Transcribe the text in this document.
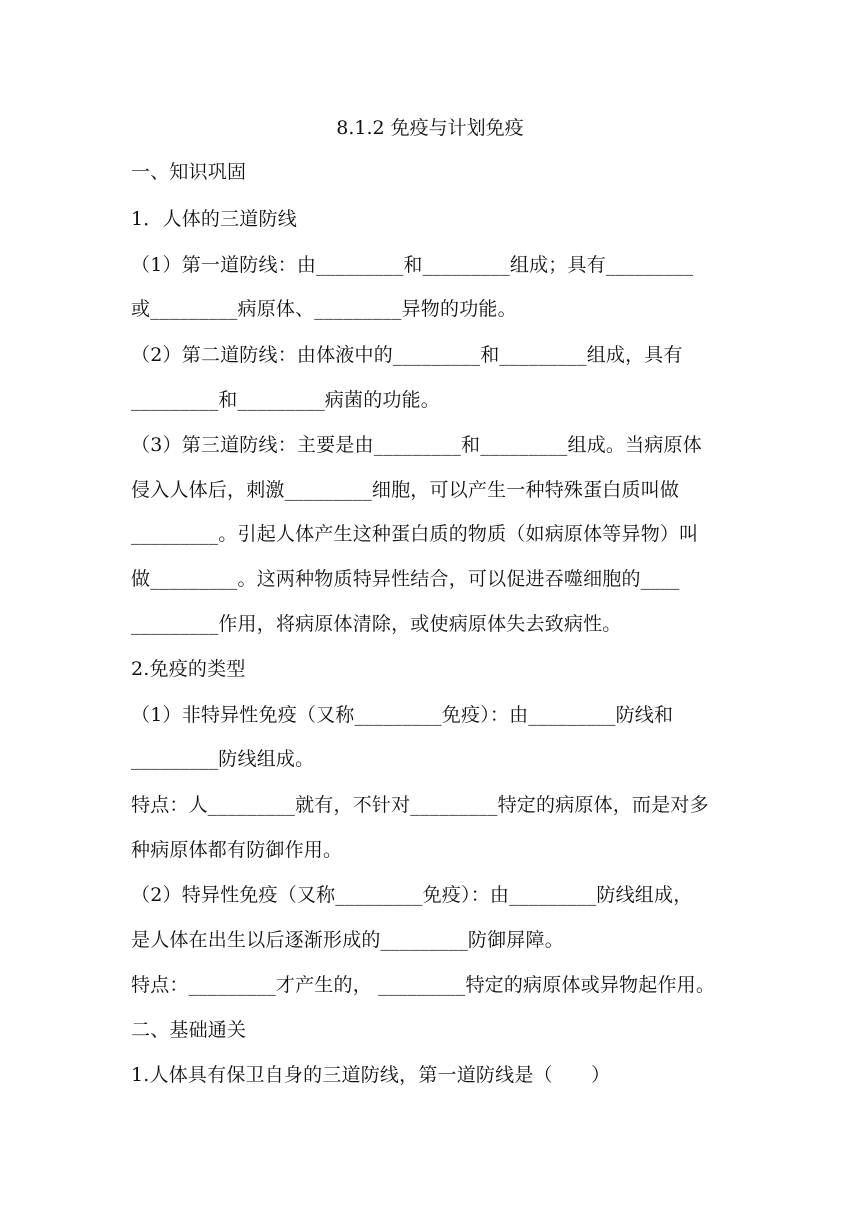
8.1.2 免疫与计划免疫
一、知识巩固
1．人体的三道防线
（1）第一道防线：由_________和_________组成；具有_________
或_________病原体、_________异物的功能。
（2）第二道防线：由体液中的_________和_________组成，具有
_________和_________病菌的功能。
（3）第三道防线：主要是由_________和_________组成。当病原体
侵入人体后，刺激_________细胞，可以产生一种特殊蛋白质叫做
_________。引起人体产生这种蛋白质的物质（如病原体等异物）叫
做_________。这两种物质特异性结合，可以促进吞噬细胞的____
_________作用，将病原体清除，或使病原体失去致病性。
2.免疫的类型
（1）非特异性免疫（又称_________免疫）：由_________防线和
_________防线组成。
特点：人_________就有，不针对_________特定的病原体，而是对多
种病原体都有防御作用。
（2）特异性免疫（又称_________免疫）：由_________防线组成，
是人体在出生以后逐渐形成的_________防御屏障。
特点：_________才产生的， _________特定的病原体或异物起作用。
二、基础通关
1.人体具有保卫自身的三道防线，第一道防线是（　　）
